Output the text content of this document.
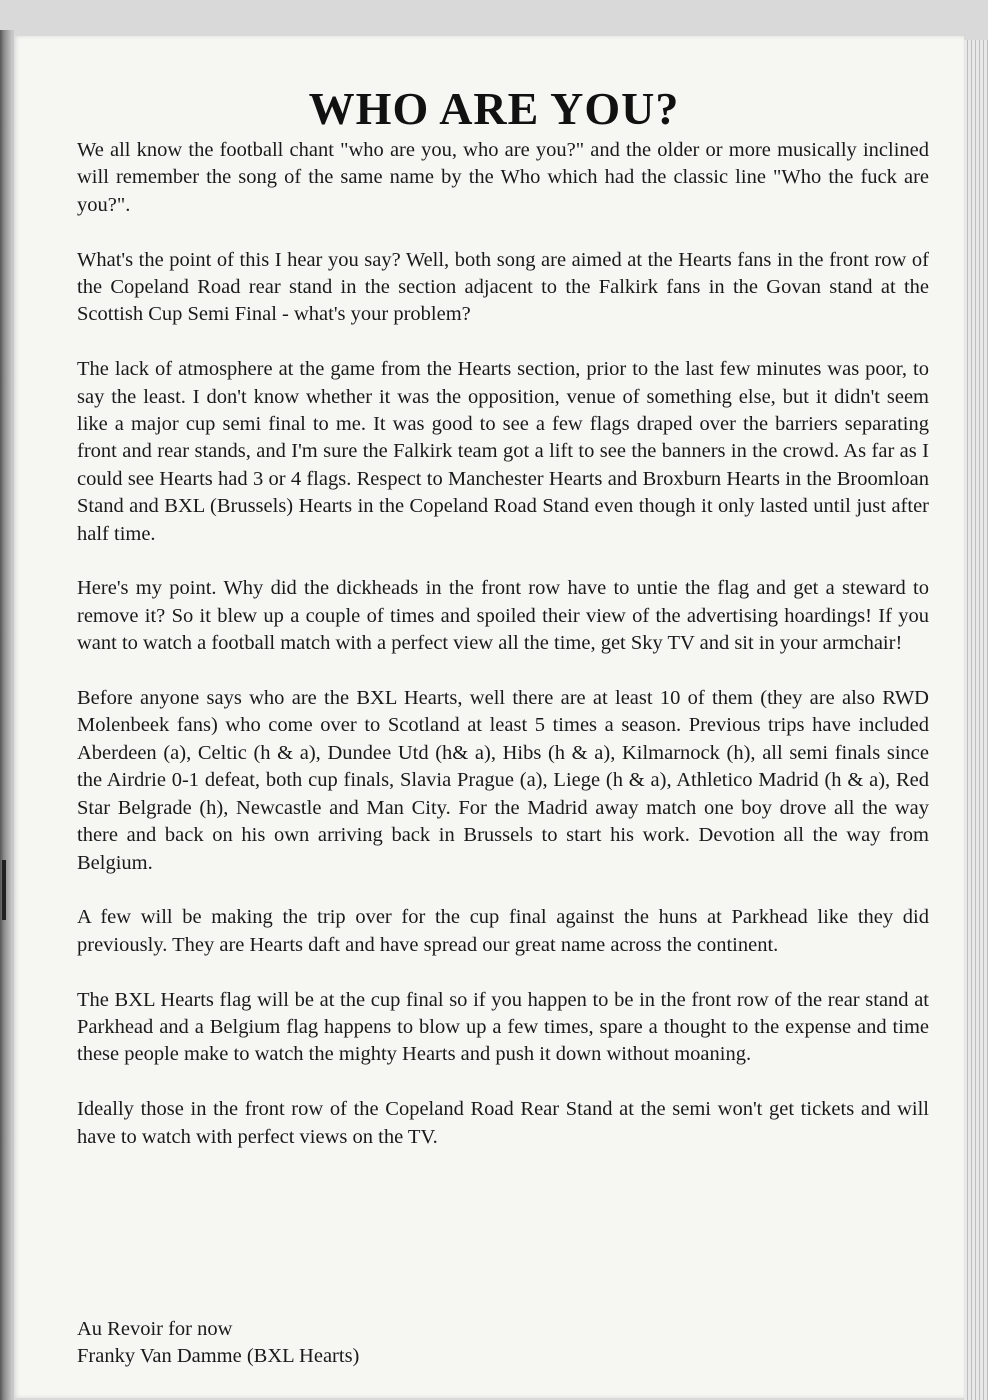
WHO ARE YOU?

We all know the football chant "who are you, who are you?" and the older or more musically inclined will remember the song of the same name by the Who which had the classic line "Who the fuck are you?".

What's the point of this I hear you say? Well, both song are aimed at the Hearts fans in the front row of the Copeland Road rear stand in the section adjacent to the Falkirk fans in the Govan stand at the Scottish Cup Semi Final - what's your problem?

The lack of atmosphere at the game from the Hearts section, prior to the last few minutes was poor, to say the least. I don't know whether it was the opposition, venue of something else, but it didn't seem like a major cup semi final to me. It was good to see a few flags draped over the barriers separating front and rear stands, and I'm sure the Falkirk team got a lift to see the banners in the crowd. As far as I could see Hearts had 3 or 4 flags. Respect to Manchester Hearts and Broxburn Hearts in the Broomloan Stand and BXL (Brussels) Hearts in the Copeland Road Stand even though it only lasted until just after half time.

Here's my point. Why did the dickheads in the front row have to untie the flag and get a steward to remove it? So it blew up a couple of times and spoiled their view of the advertising hoardings! If you want to watch a football match with a perfect view all the time, get Sky TV and sit in your armchair!

Before anyone says who are the BXL Hearts, well there are at least 10 of them (they are also RWD Molenbeek fans) who come over to Scotland at least 5 times a season. Previous trips have included Aberdeen (a), Celtic (h & a), Dundee Utd (h& a), Hibs (h & a), Kilmarnock (h), all semi finals since the Airdrie 0-1 defeat, both cup finals, Slavia Prague (a), Liege (h & a), Athletico Madrid (h & a), Red Star Belgrade (h), Newcastle and Man City. For the Madrid away match one boy drove all the way there and back on his own arriving back in Brussels to start his work. Devotion all the way from Belgium.

A few will be making the trip over for the cup final against the huns at Parkhead like they did previously. They are Hearts daft and have spread our great name across the continent.

The BXL Hearts flag will be at the cup final so if you happen to be in the front row of the rear stand at Parkhead and a Belgium flag happens to blow up a few times, spare a thought to the expense and time these people make to watch the mighty Hearts and push it down without moaning.

Ideally those in the front row of the Copeland Road Rear Stand at the semi won't get tickets and will have to watch with perfect views on the TV.

Au Revoir for now
Franky Van Damme (BXL Hearts)
